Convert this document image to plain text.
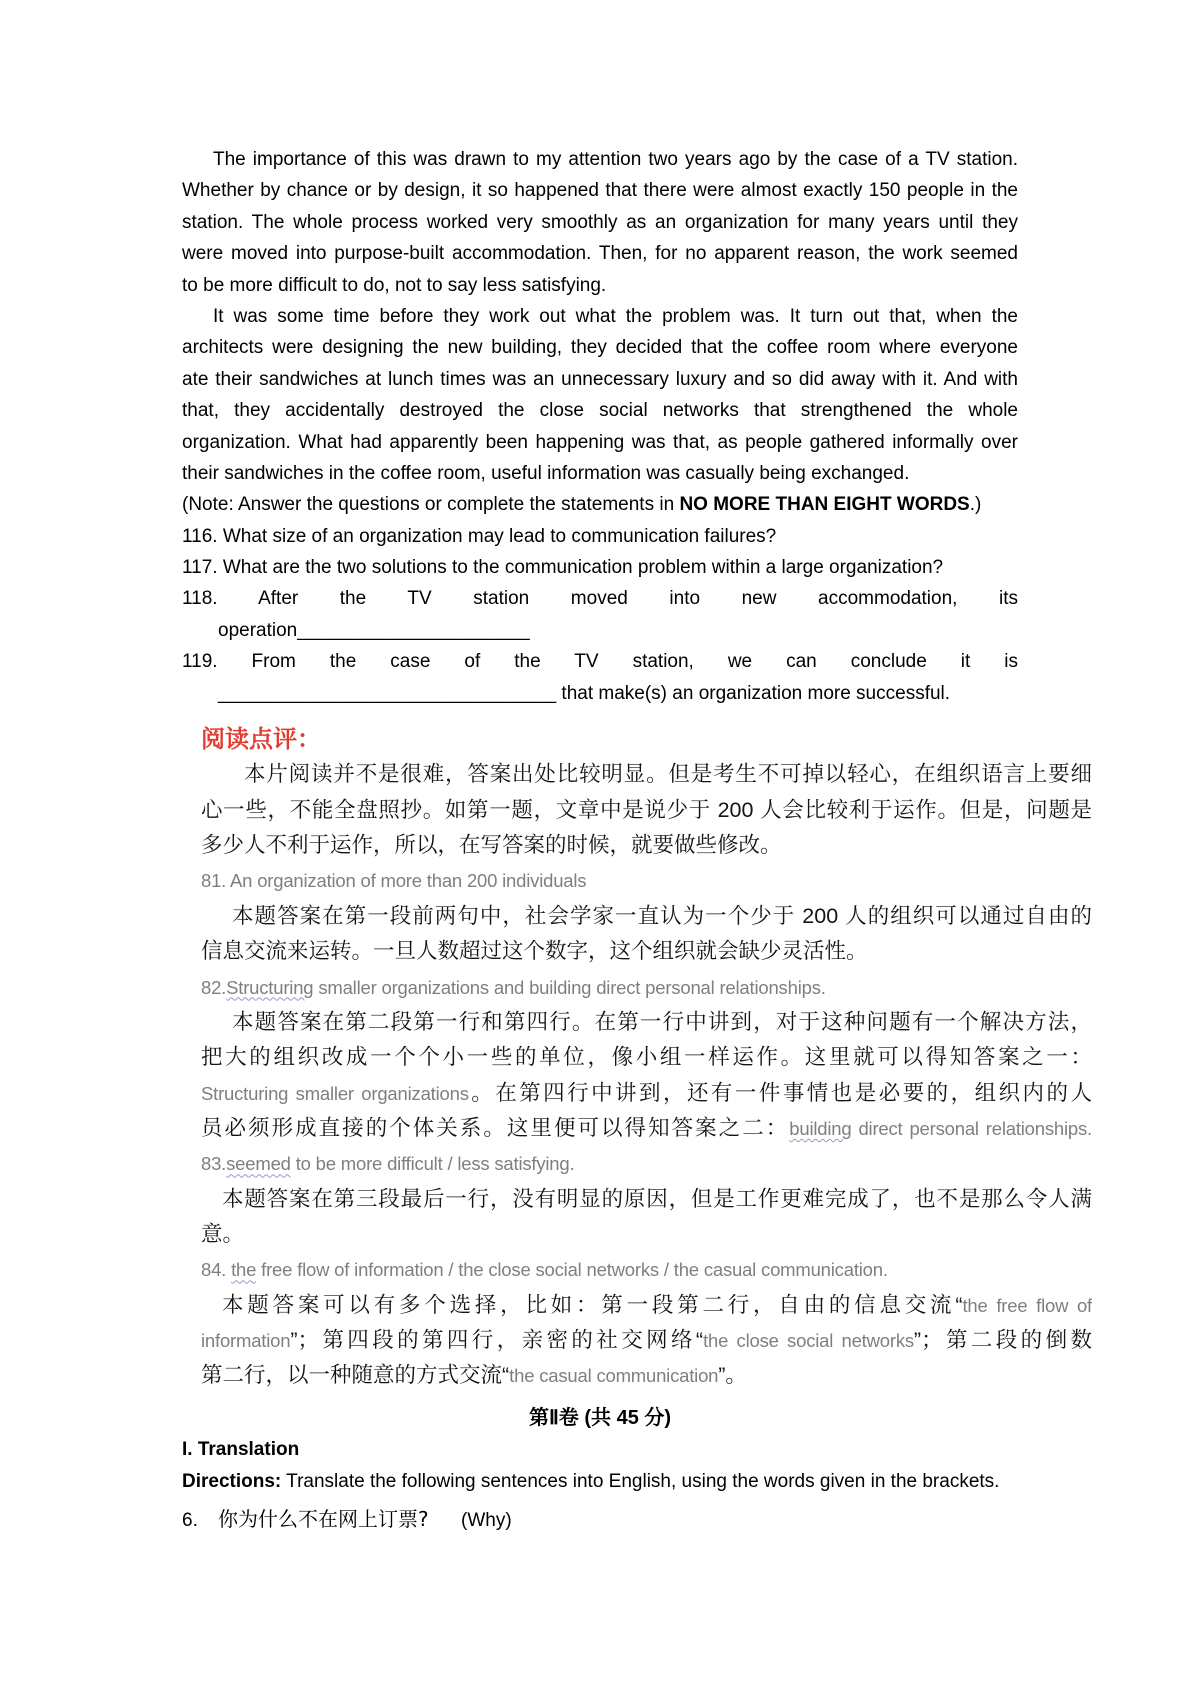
The importance of this was drawn to my attention two years ago by the case of a TV station.
Whether by chance or by design, it so happened that there were almost exactly 150 people in the
station. The whole process worked very smoothly as an organization for many years until they
were moved into purpose-built accommodation. Then, for no apparent reason, the work seemed
to be more difficult to do, not to say less satisfying.
It was some time before they work out what the problem was. It turn out that, when the
architects were designing the new building, they decided that the coffee room where everyone
ate their sandwiches at lunch times was an unnecessary luxury and so did away with it. And with
that, they accidentally destroyed the close social networks that strengthened the whole
organization. What had apparently been happening was that, as people gathered informally over
their sandwiches in the coffee room, useful information was casually being exchanged.
(Note: Answer the questions or complete the statements in NO MORE THAN EIGHT WORDS.)
116. What size of an organization may lead to communication failures?
117. What are the two solutions to the communication problem within a large organization?
118. After the TV station moved into new accommodation, its
operation______________________
119. From the case of the TV station, we can conclude it is
________________________________ that make(s) an organization more successful.
阅读点评：
本片阅读并不是很难，答案出处比较明显。但是考生不可掉以轻心，在组织语言上要细
心一些，不能全盘照抄。如第一题，文章中是说少于 200 人会比较利于运作。但是，问题是
多少人不利于运作，所以，在写答案的时候，就要做些修改。
81. An organization of more than 200 individuals
本题答案在第一段前两句中，社会学家一直认为一个少于 200 人的组织可以通过自由的
信息交流来运转。一旦人数超过这个数字，这个组织就会缺少灵活性。
82.Structuring smaller organizations and building direct personal relationships.
本题答案在第二段第一行和第四行。在第一行中讲到，对于这种问题有一个解决方法，
把大的组织改成一个个小一些的单位，像小组一样运作。这里就可以得知答案之一：
Structuring smaller organizations。在第四行中讲到，还有一件事情也是必要的，组织内的人
员必须形成直接的个体关系。这里便可以得知答案之二：building direct personal relationships.
83.seemed to be more difficult / less satisfying.
本题答案在第三段最后一行，没有明显的原因，但是工作更难完成了，也不是那么令人满
意。
84. the free flow of information / the close social networks / the casual communication.
本题答案可以有多个选择，比如：第一段第二行，自由的信息交流“the free flow of
information”；第四段的第四行，亲密的社交网络“the close social networks”；第二段的倒数
第二行，以一种随意的方式交流“the casual communication”。
第Ⅱ卷 (共 45 分)
I. Translation
Directions: Translate the following sentences into English, using the words given in the brackets.
6. 你为什么不在网上订票? (Why)
